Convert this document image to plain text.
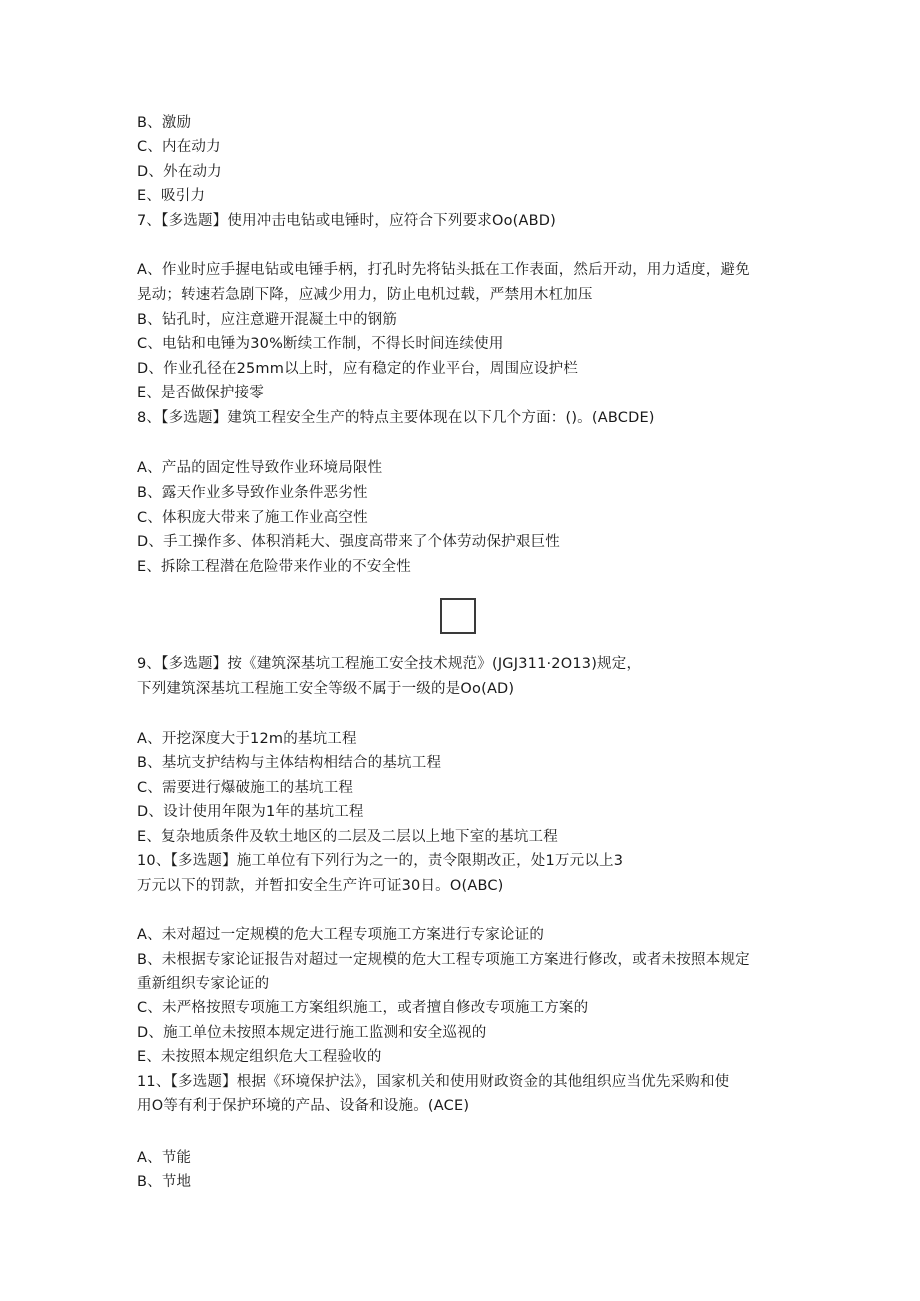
B、激励
C、内在动力
D、外在动力
E、吸引力
7、【多选题】使用冲击电钻或电锤时，应符合下列要求Oo(ABD)
A、作业时应手握电钻或电锤手柄，打孔时先将钻头抵在工作表面，然后开动，用力适度，避免
晃动；转速若急剧下降，应减少用力，防止电机过载，严禁用木杠加压
B、钻孔时，应注意避开混凝土中的钢筋
C、电钻和电锤为30%断续工作制，不得长时间连续使用
D、作业孔径在25mm以上时，应有稳定的作业平台，周围应设护栏
E、是否做保护接零
8、【多选题】建筑工程安全生产的特点主要体现在以下几个方面：()。(ABCDE)
A、产品的固定性导致作业环境局限性
B、露天作业多导致作业条件恶劣性
C、体积庞大带来了施工作业高空性
D、手工操作多、体积消耗大、强度高带来了个体劳动保护艰巨性
E、拆除工程潜在危险带来作业的不安全性
9、【多选题】按《建筑深基坑工程施工安全技术规范》(JGJ311·2O13)规定，
下列建筑深基坑工程施工安全等级不属于一级的是Oo(AD)
A、开挖深度大于12m的基坑工程
B、基坑支护结构与主体结构相结合的基坑工程
C、需要进行爆破施工的基坑工程
D、设计使用年限为1年的基坑工程
E、复杂地质条件及软土地区的二层及二层以上地下室的基坑工程
10、【多选题】施工单位有下列行为之一的，责令限期改正，处1万元以上3
万元以下的罚款，并暂扣安全生产许可证30日。O(ABC)
A、未对超过一定规模的危大工程专项施工方案进行专家论证的
B、未根据专家论证报告对超过一定规模的危大工程专项施工方案进行修改，或者未按照本规定
重新组织专家论证的
C、未严格按照专项施工方案组织施工，或者擅自修改专项施工方案的
D、施工单位未按照本规定进行施工监测和安全巡视的
E、未按照本规定组织危大工程验收的
11、【多选题】根据《环境保护法》，国家机关和使用财政资金的其他组织应当优先采购和使
用O等有利于保护环境的产品、设备和设施。(ACE)
A、节能
B、节地
